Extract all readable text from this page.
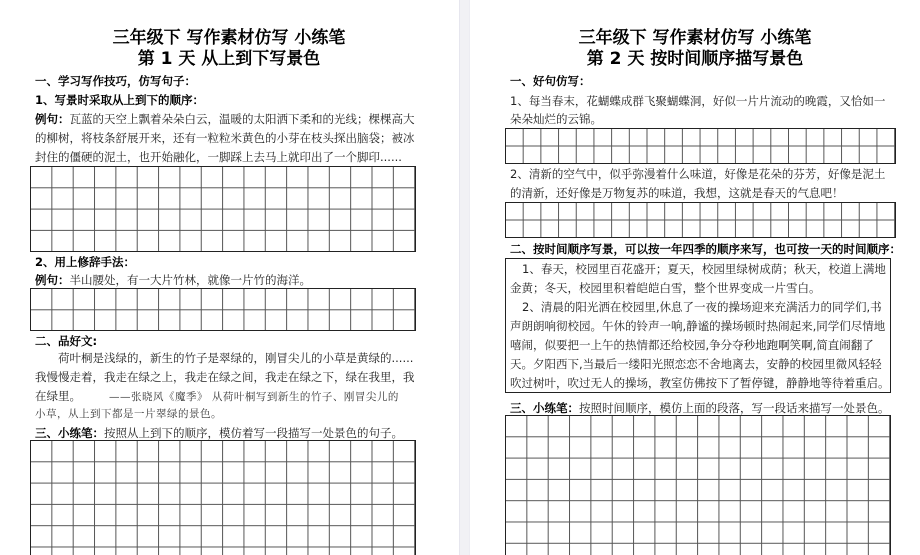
三年级下 写作素材仿写 小练笔
第 1 天 从上到下写景色
一、学习写作技巧，仿写句子：
1、写景时采取从上到下的顺序：
例句：瓦蓝的天空上飘着朵朵白云，温暖的太阳洒下柔和的光线；棵棵高大
的柳树，将枝条舒展开来，还有一粒粒米黄色的小芽在枝头探出脑袋；被冰
封住的僵硬的泥土，也开始融化，一脚踩上去马上就印出了一个脚印......
2、用上修辞手法：
例句：半山腰处，有一大片竹林，就像一片竹的海洋。
二、品好文:
荷叶桐是浅绿的，新生的竹子是翠绿的，刚冒尖儿的小草是黄绿的......
我慢慢走着，我走在绿之上，我走在绿之间，我走在绿之下，绿在我里，我
在绿里。	——张晓风《魔季》 从荷叶桐写到新生的竹子、刚冒尖儿的
小草，从上到下都是一片翠绿的景色。
三、小练笔：按照从上到下的顺序，模仿着写一段描写一处景色的句子。
三年级下 写作素材仿写 小练笔
第 2 天 按时间顺序描写景色
一、好句仿写：
1、每当春末，花蝴蝶成群飞聚蝴蝶洞，好似一片片流动的晚霞，又恰如一
朵朵灿烂的云锦。
2、清新的空气中，似乎弥漫着什么味道，好像是花朵的芬芳，好像是泥土
的清新，还好像是万物复苏的味道，我想，这就是春天的气息吧！
二、按时间顺序写景，可以按一年四季的顺序来写，也可按一天的时间顺序：
1、春天，校园里百花盛开；夏天，校园里绿树成荫；秋天，校道上满地
金黄；冬天，校园里积着皑皑白雪，整个世界变成一片雪白。
2、清晨的阳光洒在校园里,休息了一夜的操场迎来充满活力的同学们,书
声朗朗响彻校园。午休的铃声一响,静谧的操场顿时热闹起来,同学们尽情地
嘻闹，似要把一上午的热情都还给校园,争分夺秒地跑啊笑啊,简直闹翻了
天。夕阳西下,当最后一缕阳光照恋恋不舍地离去，安静的校园里微风轻轻
吹过树叶，吹过无人的操场，教室仿佛按下了暂停键，静静地等待着重启。
三、小练笔：按照时间顺序，模仿上面的段落，写一段话来描写一处景色。
